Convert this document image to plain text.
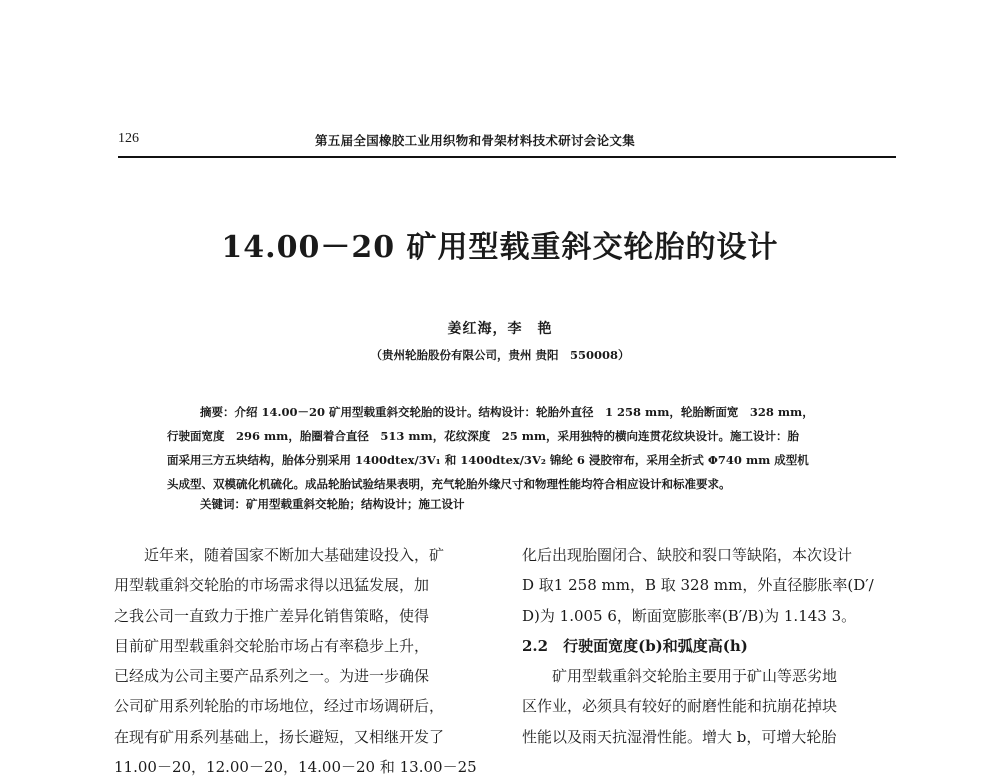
126	第五届全国橡胶工业用织物和骨架材料技术研讨会论文集
14.00－20 矿用型载重斜交轮胎的设计
姜红海，李　艳
（贵州轮胎股份有限公司，贵州 贵阳　550008）
摘要：介绍 14.00－20 矿用型载重斜交轮胎的设计。结构设计：轮胎外直径　1 258 mm，轮胎断面宽　328 mm，
行驶面宽度　296 mm，胎圈着合直径　513 mm，花纹深度　25 mm，采用独特的横向连贯花纹块设计。施工设计：胎
面采用三方五块结构，胎体分别采用 1400dtex/3V₁ 和 1400dtex/3V₂ 锦纶 6 浸胶帘布，采用全折式 Φ740 mm 成型机
头成型、双模硫化机硫化。成品轮胎试验结果表明，充气轮胎外缘尺寸和物理性能均符合相应设计和标准要求。
关键词：矿用型载重斜交轮胎；结构设计；施工设计
近年来，随着国家不断加大基础建设投入，矿
用型载重斜交轮胎的市场需求得以迅猛发展，加
之我公司一直致力于推广差异化销售策略，使得
目前矿用型载重斜交轮胎市场占有率稳步上升，
已经成为公司主要产品系列之一。为进一步确保
公司矿用系列轮胎的市场地位，经过市场调研后，
在现有矿用系列基础上，扬长避短，又相继开发了
11.00－20，12.00－20，14.00－20 和 13.00－25
化后出现胎圈闭合、缺胶和裂口等缺陷，本次设计
D 取1 258 mm，B 取 328 mm，外直径膨胀率(D′/
D)为 1.005 6，断面宽膨胀率(B′/B)为 1.143 3。
2.2　行驶面宽度(b)和弧度高(h)
矿用型载重斜交轮胎主要用于矿山等恶劣地
区作业，必须具有较好的耐磨性能和抗崩花掉块
性能以及雨天抗湿滑性能。增大 b，可增大轮胎
